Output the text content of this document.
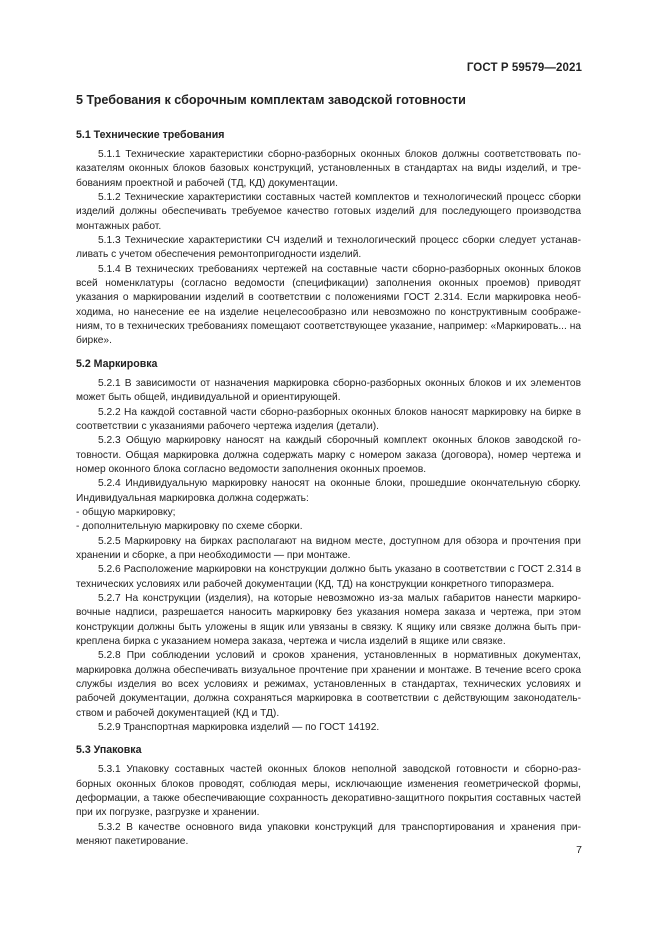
ГОСТ Р 59579—2021
5 Требования к сборочным комплектам заводской готовности
5.1 Технические требования

5.1.1 Технические характеристики сборно-разборных оконных блоков должны соответствовать показателям оконных блоков базовых конструкций, установленных в стандартах на виды изделий, и требованиям проектной и рабочей (ТД, КД) документации.

5.1.2 Технические характеристики составных частей комплектов и технологический процесс сборки изделий должны обеспечивать требуемое качество готовых изделий для последующего производства монтажных работ.

5.1.3 Технические характеристики СЧ изделий и технологический процесс сборки следует устанавливать с учетом обеспечения ремонтопригодности изделий.

5.1.4 В технических требованиях чертежей на составные части сборно-разборных оконных блоков всей номенклатуры (согласно ведомости (спецификации) заполнения оконных проемов) приводят указания о маркировании изделий в соответствии с положениями ГОСТ 2.314. Если маркировка необходима, но нанесение ее на изделие нецелесообразно или невозможно по конструктивным соображениям, то в технических требованиях помещают соответствующее указание, например: «Маркировать... на бирке».

5.2 Маркировка

5.2.1 В зависимости от назначения маркировка сборно-разборных оконных блоков и их элементов может быть общей, индивидуальной и ориентирующей.

5.2.2 На каждой составной части сборно-разборных оконных блоков наносят маркировку на бирке в соответствии с указаниями рабочего чертежа изделия (детали).

5.2.3 Общую маркировку наносят на каждый сборочный комплект оконных блоков заводской готовности. Общая маркировка должна содержать марку с номером заказа (договора), номер чертежа и номер оконного блока согласно ведомости заполнения оконных проемов.

5.2.4 Индивидуальную маркировку наносят на оконные блоки, прошедшие окончательную сборку. Индивидуальная маркировка должна содержать:

- общую маркировку;

- дополнительную маркировку по схеме сборки.

5.2.5 Маркировку на бирках располагают на видном месте, доступном для обзора и прочтения при хранении и сборке, а при необходимости — при монтаже.

5.2.6 Расположение маркировки на конструкции должно быть указано в соответствии с ГОСТ 2.314 в технических условиях или рабочей документации (КД, ТД) на конструкции конкретного типоразмера.

5.2.7 На конструкции (изделия), на которые невозможно из-за малых габаритов нанести маркировочные надписи, разрешается наносить маркировку без указания номера заказа и чертежа, при этом конструкции должны быть уложены в ящик или увязаны в связку. К ящику или связке должна быть прикреплена бирка с указанием номера заказа, чертежа и числа изделий в ящике или связке.

5.2.8 При соблюдении условий и сроков хранения, установленных в нормативных документах, маркировка должна обеспечивать визуальное прочтение при хранении и монтаже. В течение всего срока службы изделия во всех условиях и режимах, установленных в стандартах, технических условиях и рабочей документации, должна сохраняться маркировка в соответствии с действующим законодательством и рабочей документацией (КД и ТД).

5.2.9 Транспортная маркировка изделий — по ГОСТ 14192.

5.3 Упаковка

5.3.1 Упаковку составных частей оконных блоков неполной заводской готовности и сборно-разборных оконных блоков проводят, соблюдая меры, исключающие изменения геометрической формы, деформации, а также обеспечивающие сохранность декоративно-защитного покрытия составных частей при их погрузке, разгрузке и хранении.

5.3.2 В качестве основного вида упаковки конструкций для транспортирования и хранения применяют пакетирование.

7
